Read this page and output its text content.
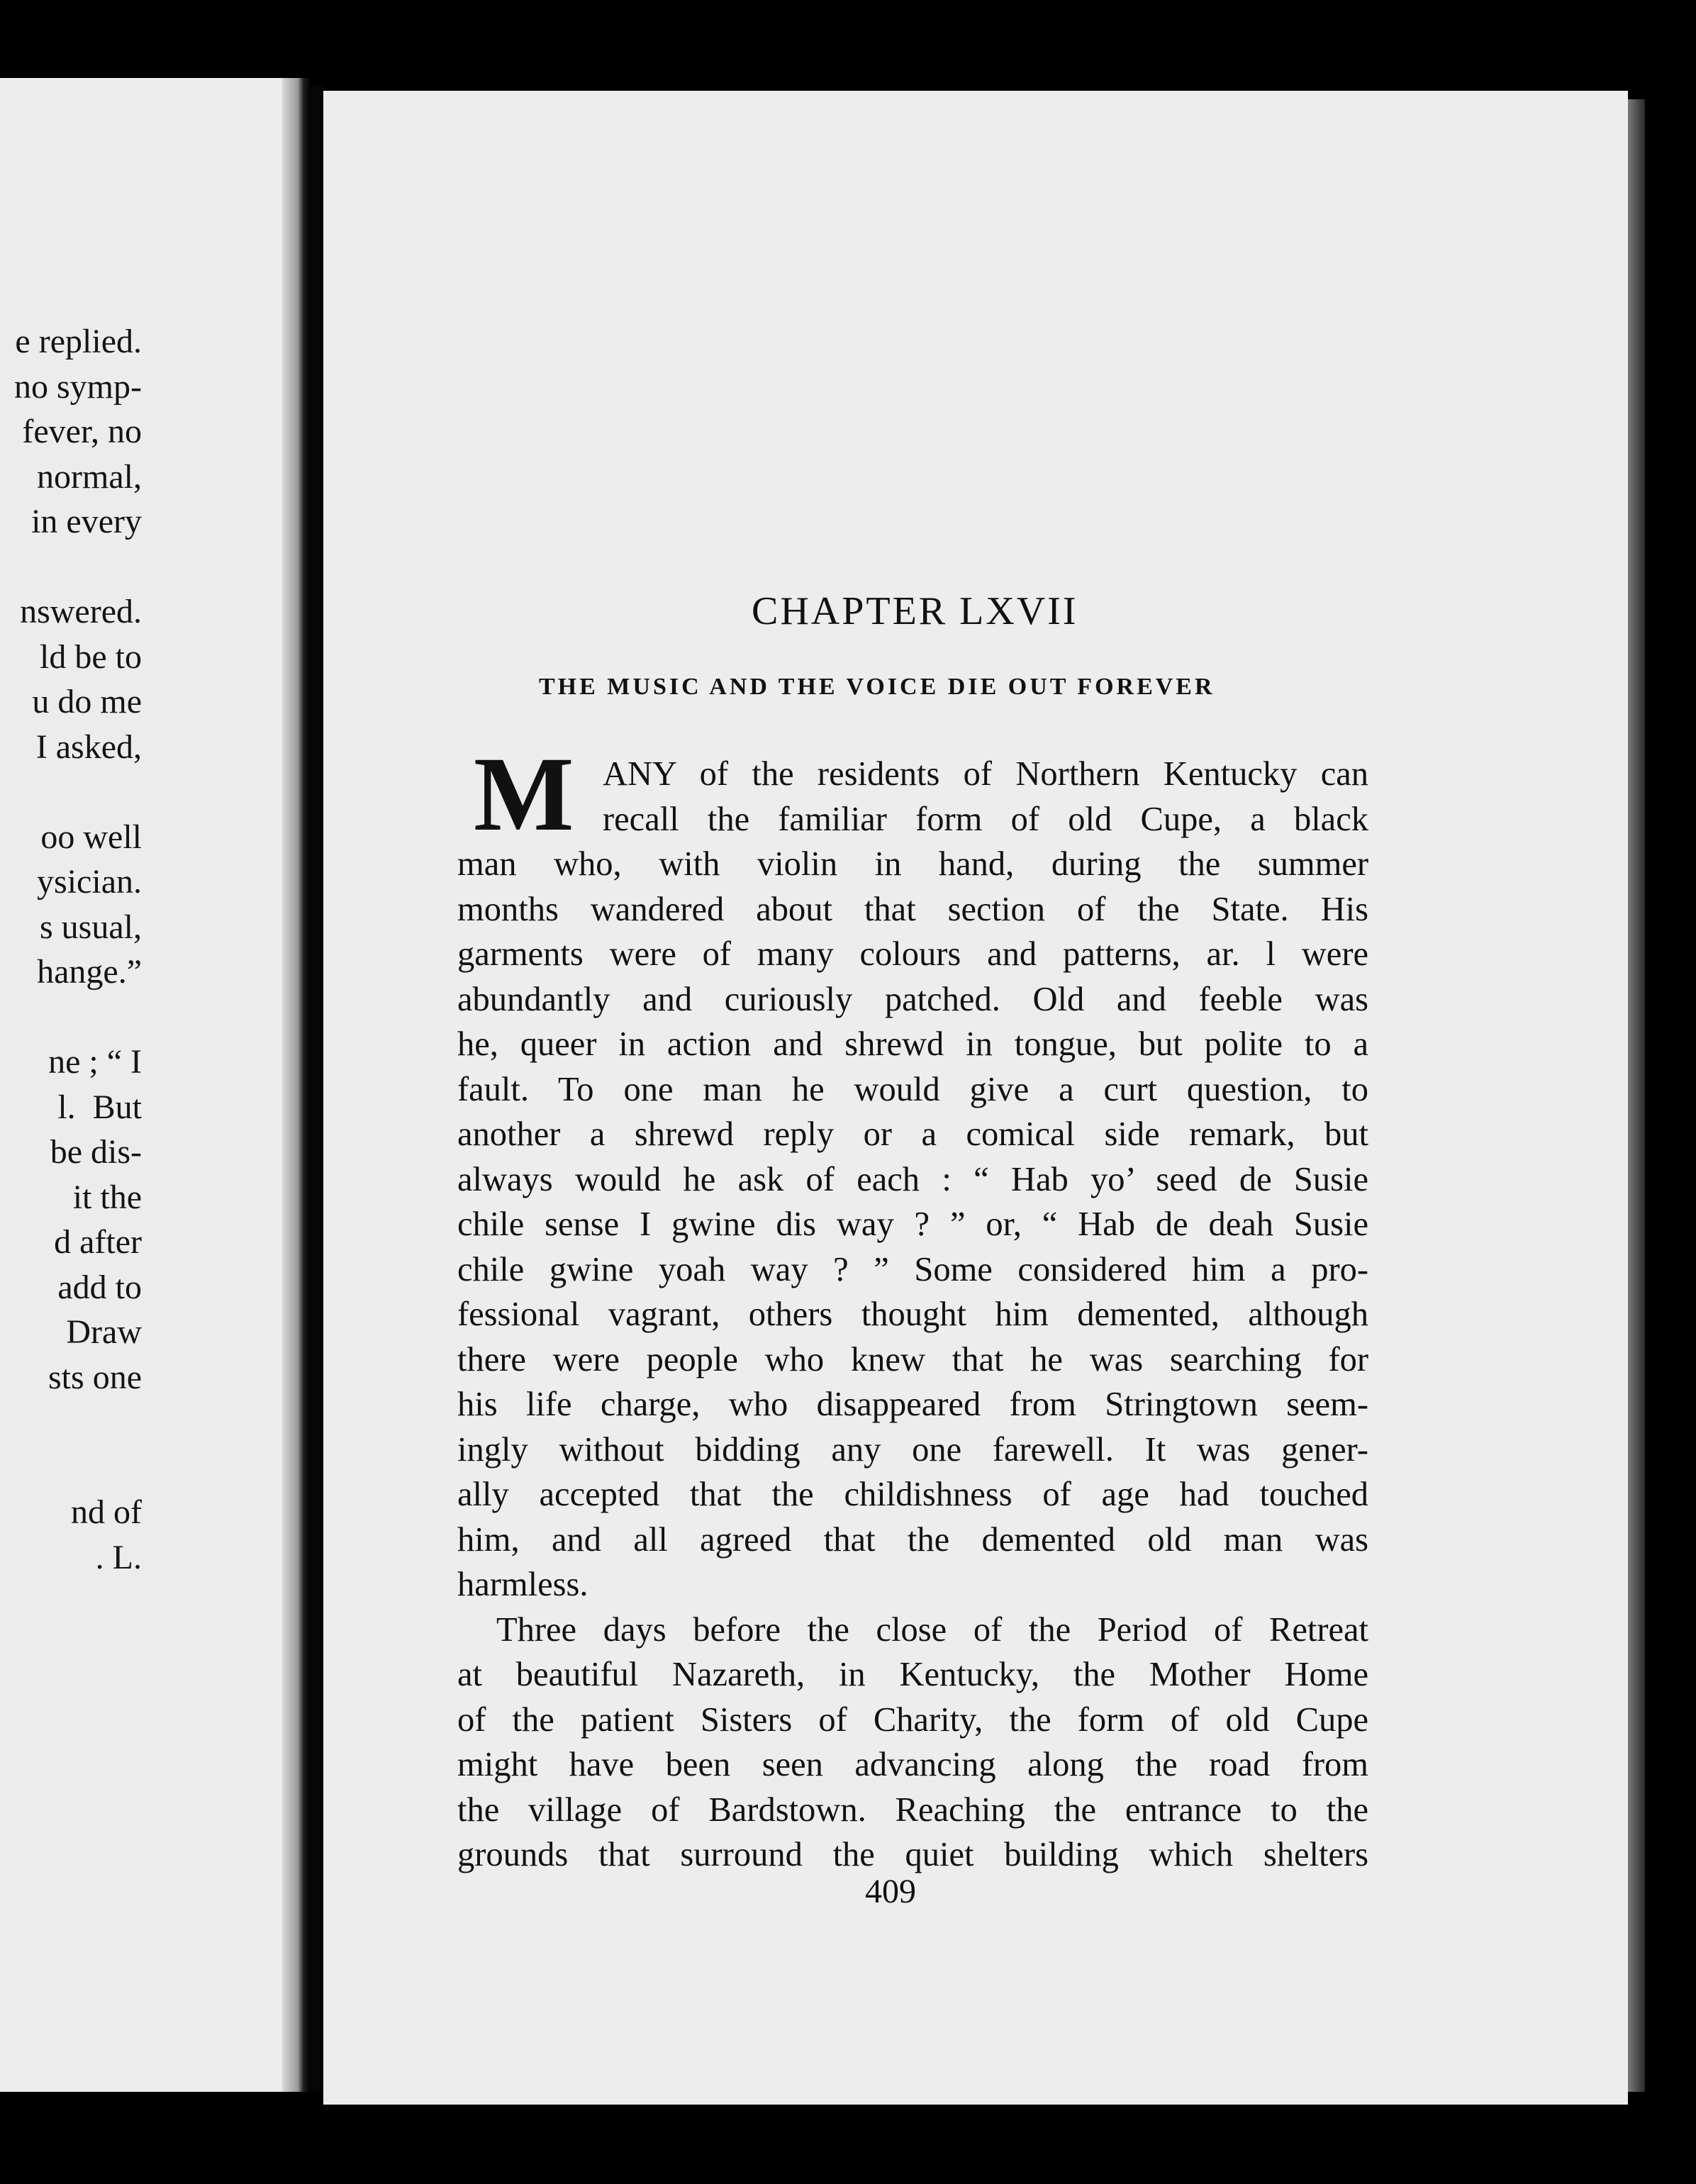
e replied.
no symp-
fever, no
normal,
in every
nswered.
ld be to
u do me
I asked,
oo well
ysician.
s usual,
hange.”
ne ; “ I
l.  But
be dis-
it the
d after
add to
Draw
sts one
nd of
. L.
CHAPTER LXVII
THE MUSIC AND THE VOICE DIE OUT FOREVER
M ANY of the residents of Northern Kentucky can
recall the familiar form of old Cupe, a black
man who, with violin in hand, during the summer
months wandered about that section of the State. His
garments were of many colours and patterns, ar. l were
abundantly and curiously patched. Old and feeble was
he, queer in action and shrewd in tongue, but polite to a
fault. To one man he would give a curt question, to
another a shrewd reply or a comical side remark, but
always would he ask of each : “ Hab yo’ seed de Susie
chile sense I gwine dis way ? ” or, “ Hab de deah Susie
chile gwine yoah way ? ” Some considered him a pro-
fessional vagrant, others thought him demented, although
there were people who knew that he was searching for
his life charge, who disappeared from Stringtown seem-
ingly without bidding any one farewell. It was gener-
ally accepted that the childishness of age had touched
him, and all agreed that the demented old man was
harmless.
Three days before the close of the Period of Retreat
at beautiful Nazareth, in Kentucky, the Mother Home
of the patient Sisters of Charity, the form of old Cupe
might have been seen advancing along the road from
the village of Bardstown. Reaching the entrance to the
grounds that surround the quiet building which shelters
409
